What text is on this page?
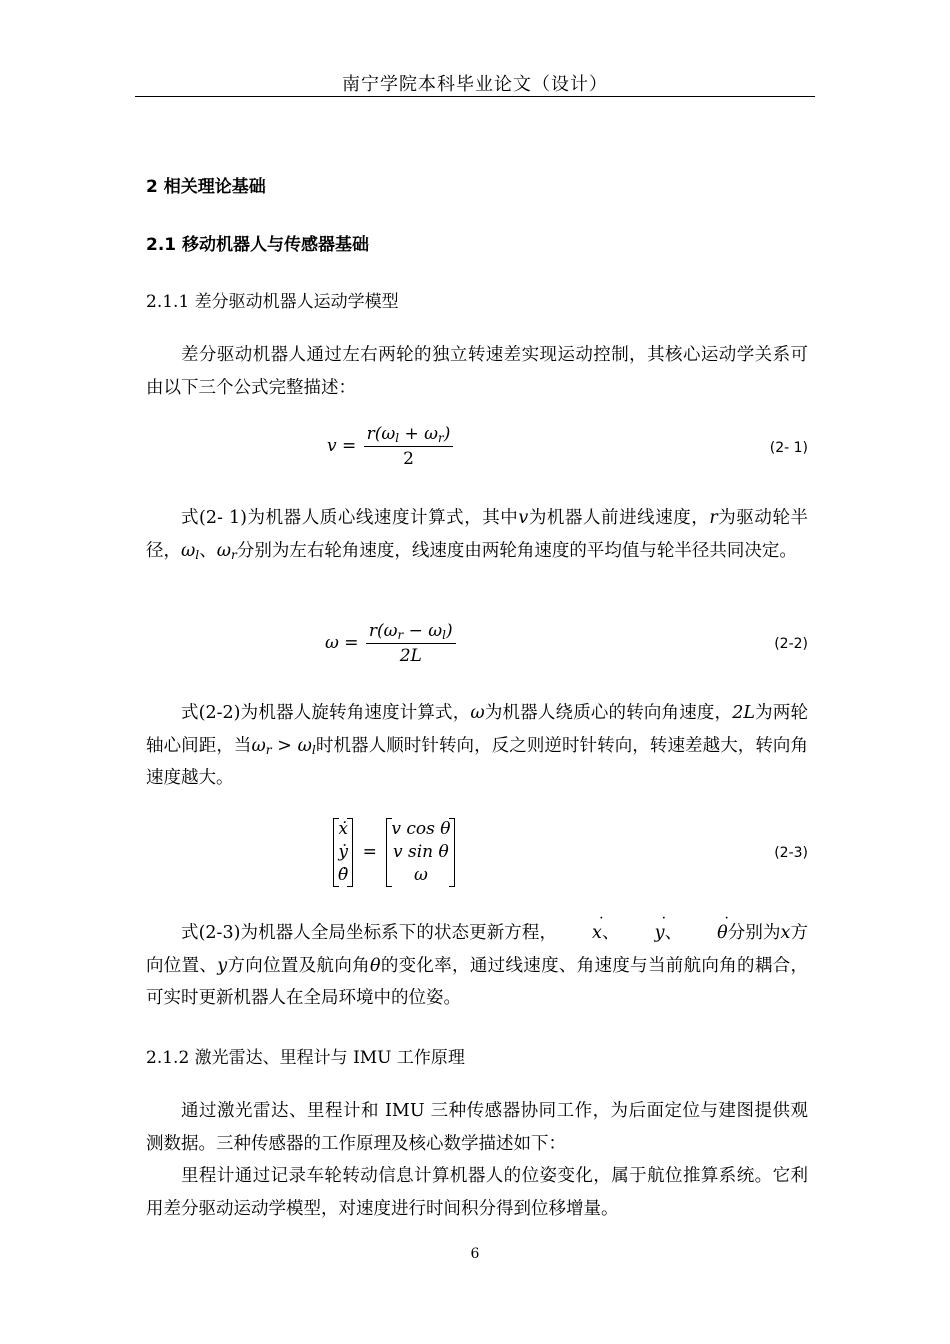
南宁学院本科毕业论文（设计）
2 相关理论基础
2.1 移动机器人与传感器基础
2.1.1 差分驱动机器人运动学模型
差分驱动机器人通过左右两轮的独立转速差实现运动控制，其核心运动学关系可由以下三个公式完整描述：
$v = \frac{r(\omega_l + \omega_r)}{2}$	(2- 1)
式(2- 1)为机器人质心线速度计算式，其中v为机器人前进线速度，r为驱动轮半径，$\omega_l$、$\omega_r$分别为左右轮角速度，线速度由两轮角速度的平均值与轮半径共同决定。
$\omega = \frac{r(\omega_r - \omega_l)}{2L}$	(2-2)
式(2-2)为机器人旋转角速度计算式，ω为机器人绕质心的转向角速度，2L为两轮轴心间距，当$\omega_r > \omega_l$时机器人顺时针转向，反之则逆时针转向，转速差越大，转向角速度越大。
ẋ
ẏ
θ̇
=
v cos θ
v sin θ
ω
(2-3)
式(2-3)为机器人全局坐标系下的状态更新方程， ˙ x、 ˙ y、 ˙ θ分别为x方向位置、y方向位置及航向角θ的变化率，通过线速度、角速度与当前航向角的耦合，可实时更新机器人在全局环境中的位姿。
2.1.2 激光雷达、里程计与 IMU 工作原理
通过激光雷达、里程计和 IMU 三种传感器协同工作，为后面定位与建图提供观测数据。三种传感器的工作原理及核心数学描述如下：
里程计通过记录车轮转动信息计算机器人的位姿变化，属于航位推算系统。它利用差分驱动运动学模型，对速度进行时间积分得到位移增量。
6
